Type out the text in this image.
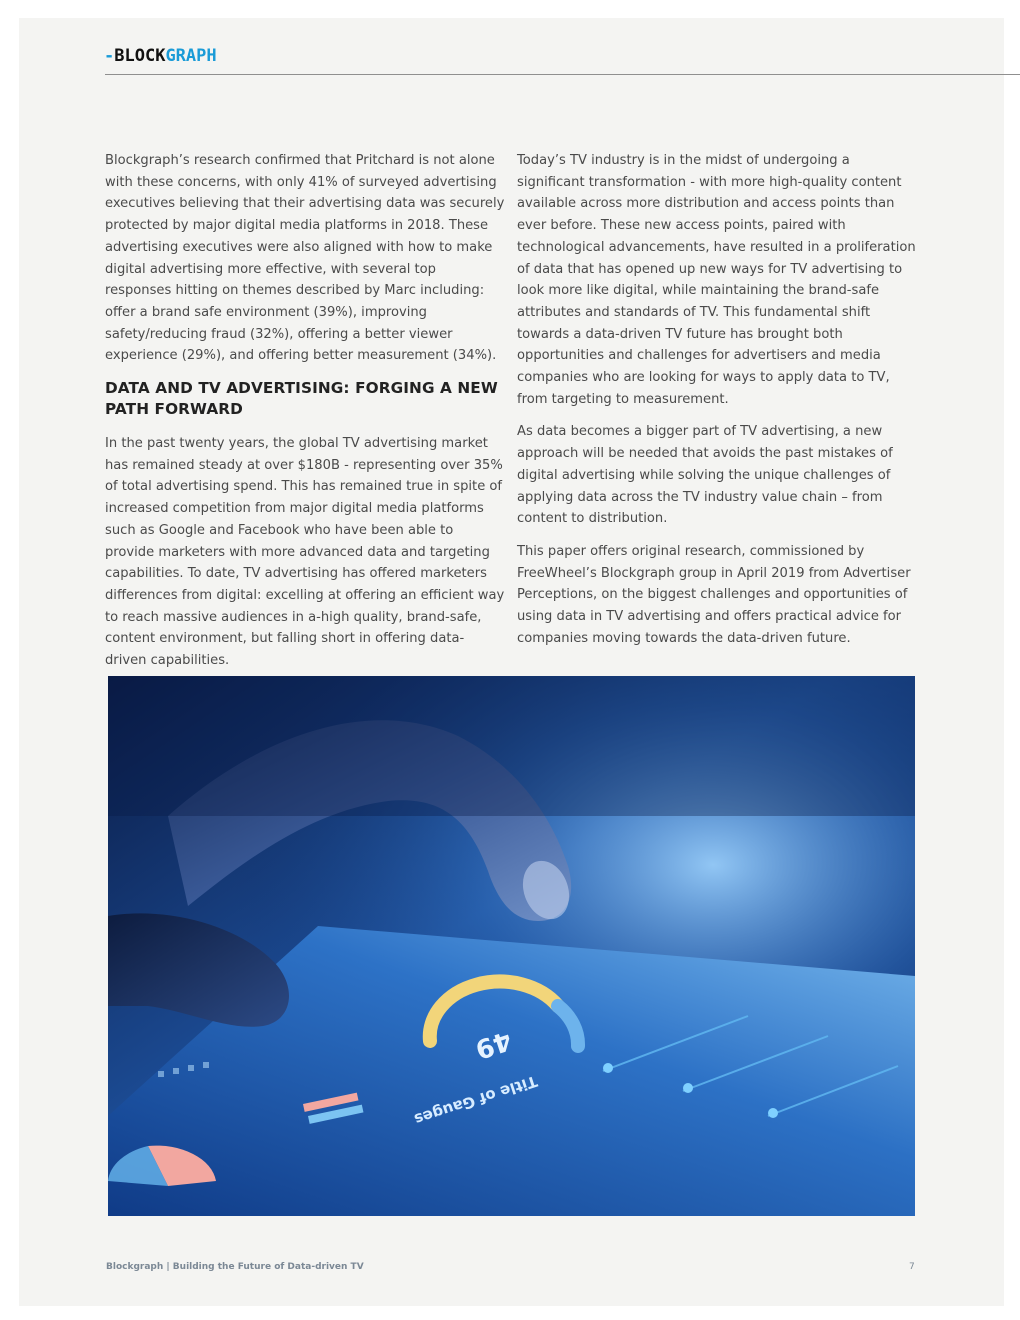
-BLOCKGRAPH

Blockgraph’s research confirmed that Pritchard is not alone with these concerns, with only 41% of surveyed advertising executives believing that their advertising data was securely protected by major digital media platforms in 2018. These advertising executives were also aligned with how to make digital advertising more effective, with several top responses hitting on themes described by Marc including: offer a brand safe environment (39%), improving safety/reducing fraud (32%), offering a better viewer experience (29%), and offering better measurement (34%).

DATA AND TV ADVERTISING: FORGING A NEW PATH FORWARD

In the past twenty years, the global TV advertising market has remained steady at over $180B - representing over 35% of total advertising spend. This has remained true in spite of increased competition from major digital media platforms such as Google and Facebook who have been able to provide marketers with more advanced data and targeting capabilities. To date, TV advertising has offered marketers differences from digital: excelling at offering an efficient way to reach massive audiences in a-high quality, brand-safe, content environment, but falling short in offering data-driven capabilities.

Today’s TV industry is in the midst of undergoing a significant transformation - with more high-quality content available across more distribution and access points than ever before. These new access points, paired with technological advancements, have resulted in a proliferation of data that has opened up new ways for TV advertising to look more like digital, while maintaining the brand-safe attributes and standards of TV. This fundamental shift towards a data-driven TV future has brought both opportunities and challenges for advertisers and media companies who are looking for ways to apply data to TV, from targeting to measurement.

As data becomes a bigger part of TV advertising, a new approach will be needed that avoids the past mistakes of digital advertising while solving the unique challenges of applying data across the TV industry value chain – from content to distribution.

This paper offers original research, commissioned by FreeWheel’s Blockgraph group in April 2019 from Advertiser Perceptions, on the biggest challenges and opportunities of using data in TV advertising and offers practical advice for companies moving towards the data-driven future.

49
Title of Gauges
Blockgraph | Building the Future of Data-driven TV	7
